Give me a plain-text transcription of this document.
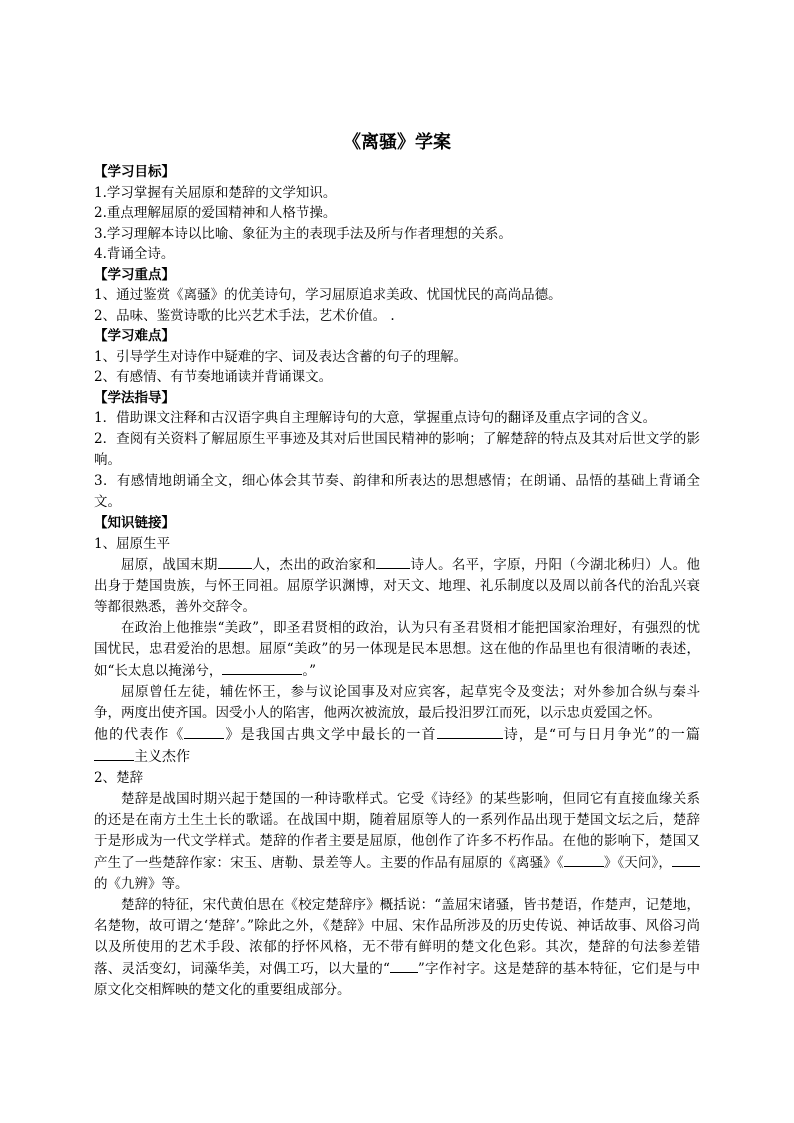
《离骚》学案
【学习目标】
1.学习掌握有关屈原和楚辞的文学知识。
2.重点理解屈原的爱国精神和人格节操。
3.学习理解本诗以比喻、象征为主的表现手法及所与作者理想的关系。
4.背诵全诗。
【学习重点】
1、通过鉴赏《离骚》的优美诗句，学习屈原追求美政、忧国忧民的高尚品德。
2、品味、鉴赏诗歌的比兴艺术手法，艺术价值。 .
【学习难点】
1、引导学生对诗作中疑难的字、词及表达含蓄的句子的理解。
2、有感情、有节奏地诵读并背诵课文。
【学法指导】
1．借助课文注释和古汉语字典自主理解诗句的大意，掌握重点诗句的翻译及重点字词的含义。
2．查阅有关资料了解屈原生平事迹及其对后世国民精神的影响；了解楚辞的特点及其对后世文学的影响。
3．有感情地朗诵全文，细心体会其节奏、韵律和所表达的思想感情；在朗诵、品悟的基础上背诵全文。
【知识链接】
1、屈原生平
屈原，战国末期	人，杰出的政治家和	诗人。名平，字原，丹阳（今湖北秭归）人。他出身于楚国贵族，与怀王同祖。屈原学识渊博，对天文、地理、礼乐制度以及周以前各代的治乱兴衰等都很熟悉，善外交辞令。
在政治上他推崇“美政”，即圣君贤相的政治，认为只有圣君贤相才能把国家治理好，有强烈的忧国忧民，忠君爱治的思想。屈原“美政”的另一体现是民本思想。这在他的作品里也有很清晰的表述，如“长太息以掩涕兮，	。”
屈原曾任左徒，辅佐怀王，参与议论国事及对应宾客，起草宪令及变法；对外参加合纵与秦斗争，两度出使齐国。因受小人的陷害，他两次被流放，最后投汨罗江而死，以示忠贞爱国之怀。
他的代表作《	》是我国古典文学中最长的一首	诗，是“可与日月争光”的一篇主义杰作
2、楚辞
楚辞是战国时期兴起于楚国的一种诗歌样式。它受《诗经》的某些影响，但同它有直接血缘关系的还是在南方土生土长的歌谣。在战国中期，随着屈原等人的一系列作品出现于楚国文坛之后，楚辞于是形成为一代文学样式。楚辞的作者主要是屈原，他创作了许多不朽作品。在他的影响下，楚国又产生了一些楚辞作家：宋玉、唐勒、景差等人。主要的作品有屈原的《离骚》《	》《天问》，的《九辨》等。
楚辞的特征，宋代黄伯思在《校定楚辞序》概括说：“盖屈宋诸骚，皆书楚语，作楚声，记楚地，名楚物，故可谓之‘楚辞’。”除此之外，《楚辞》中屈、宋作品所涉及的历史传说、神话故事、风俗习尚以及所使用的艺术手段、浓郁的抒怀风格，无不带有鲜明的楚文化色彩。其次，楚辞的句法参差错落、灵活变幻，词藻华美，对偶工巧，以大量的“ ”字作衬字。这是楚辞的基本特征，它们是与中原文化交相辉映的楚文化的重要组成部分。
